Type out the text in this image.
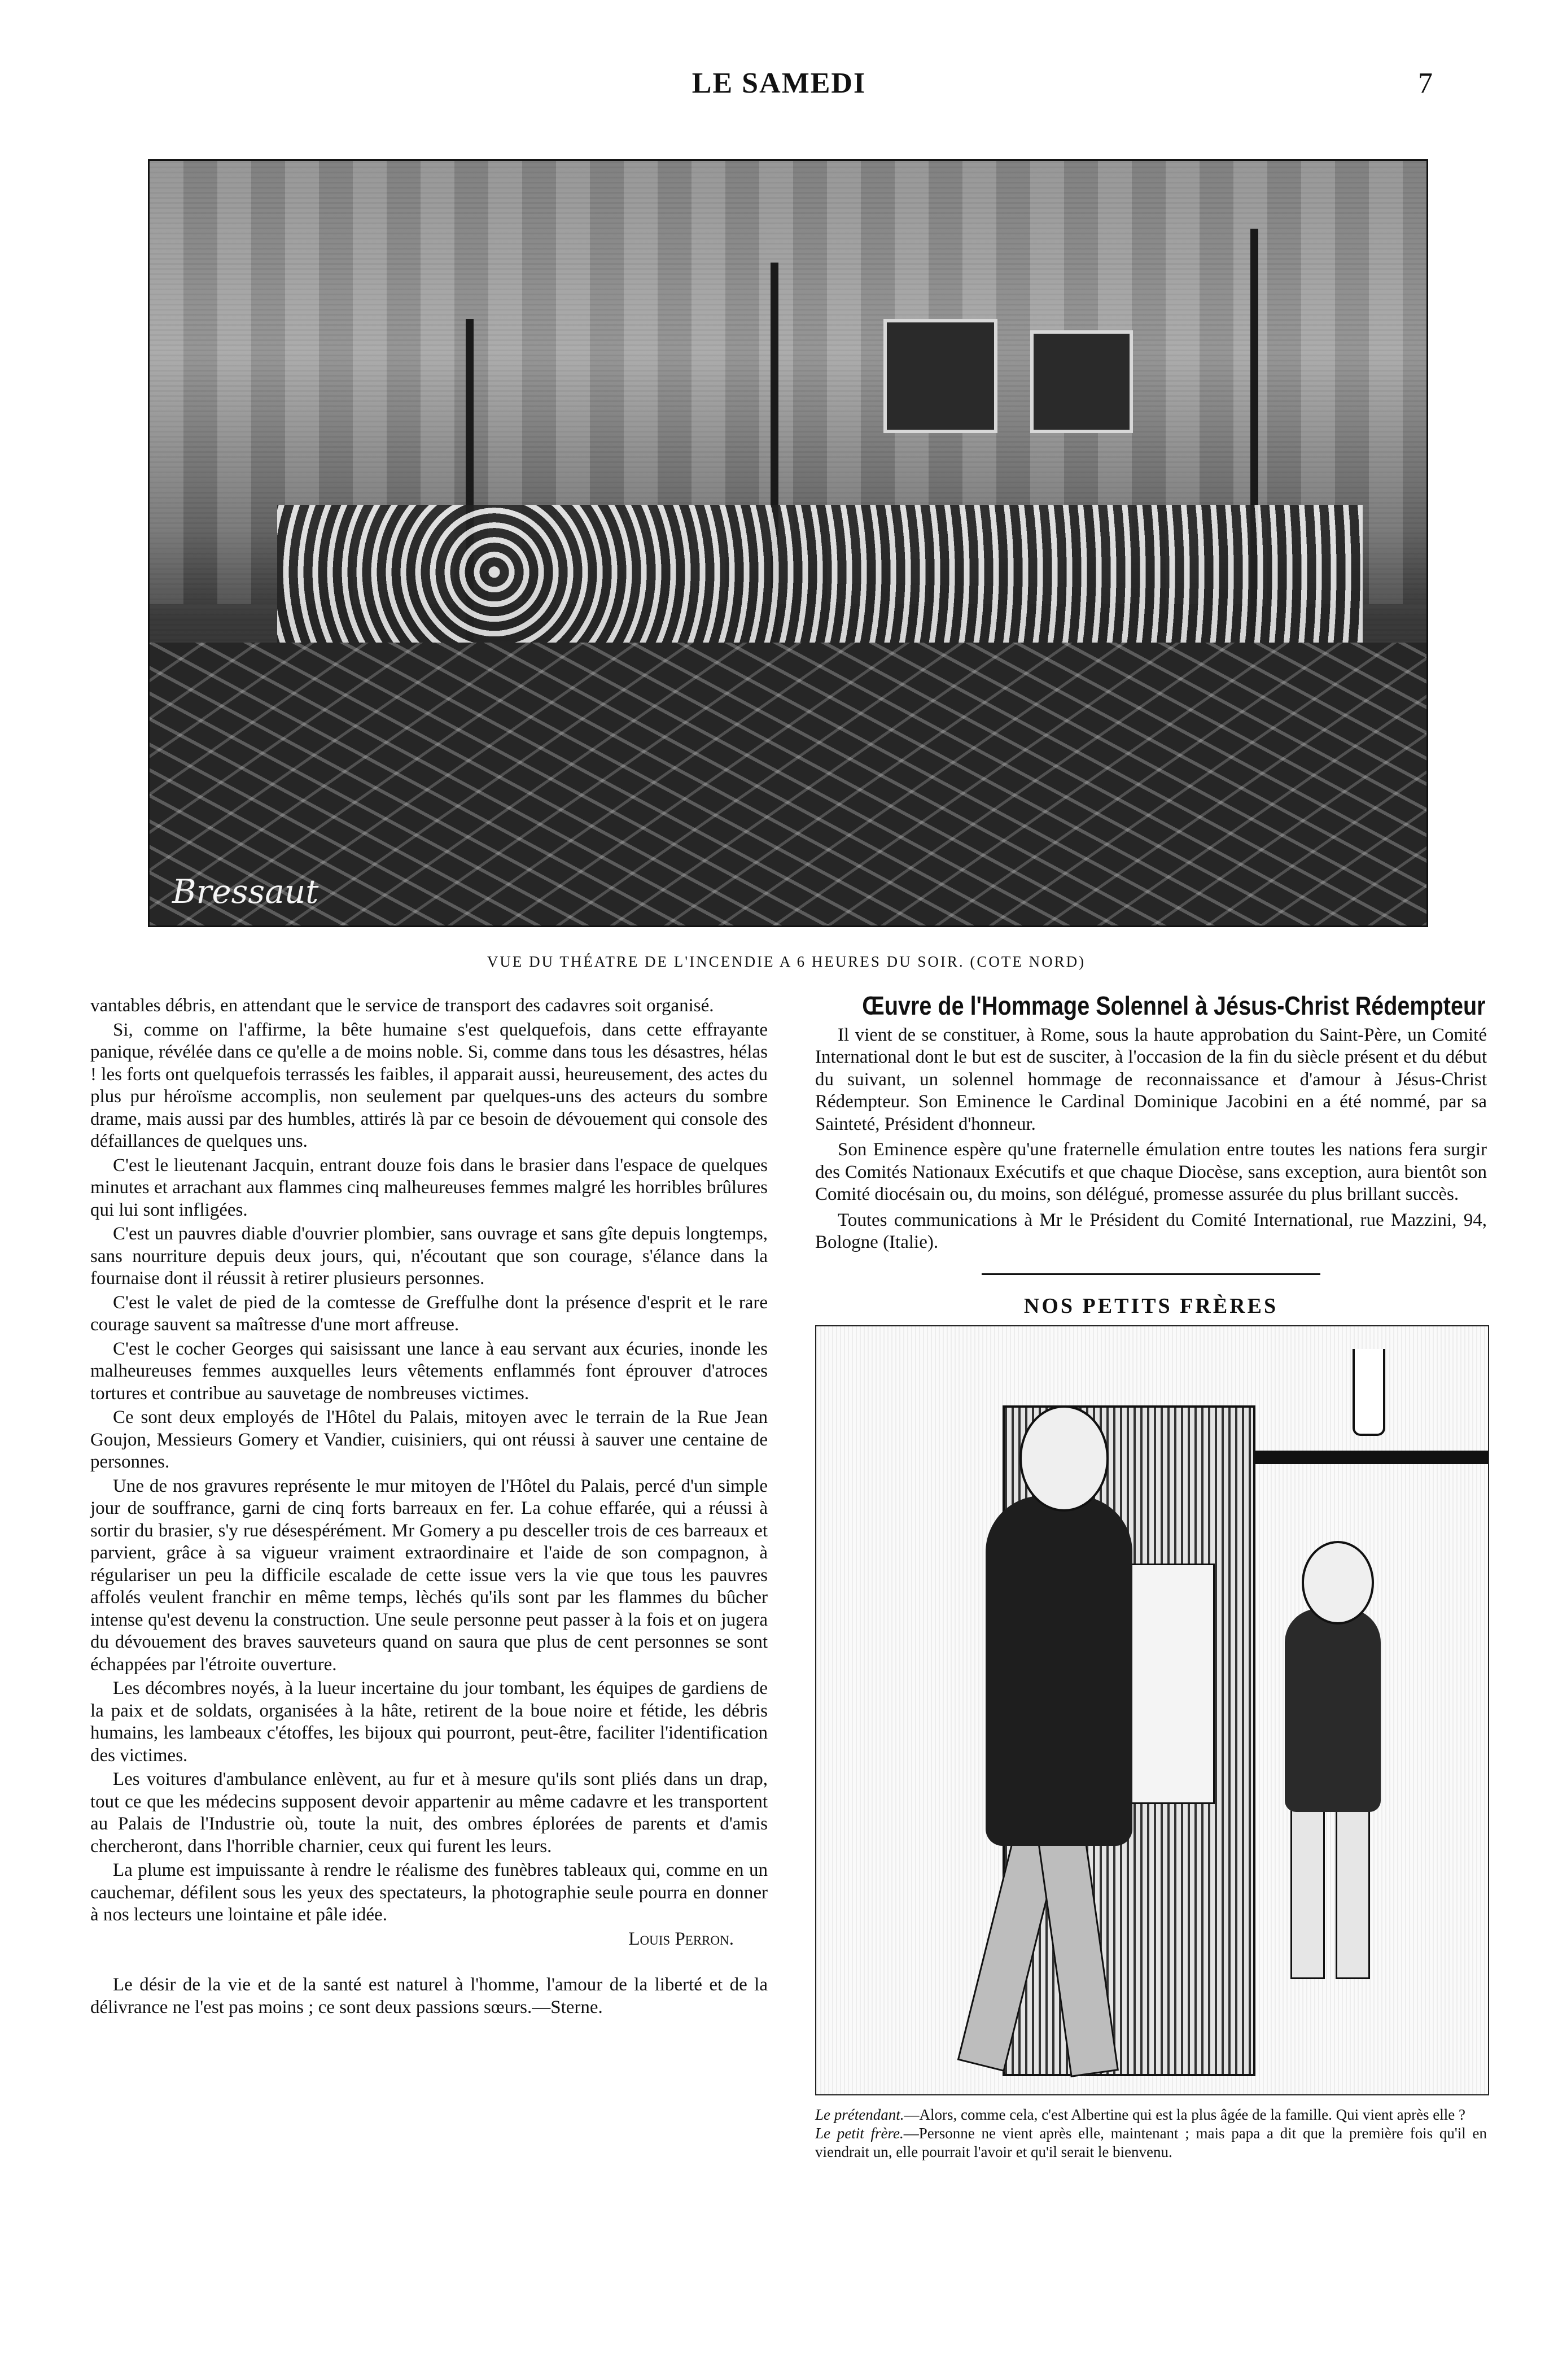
LE SAMEDI	7
Bressaut

VUE DU THÉATRE DE L'INCENDIE A 6 HEURES DU SOIR. (COTE NORD)

vantables débris, en attendant que le service de transport des cadavres soit organisé.

Si, comme on l'affirme, la bête humaine s'est quelquefois, dans cette effrayante panique, révélée dans ce qu'elle a de moins noble. Si, comme dans tous les désastres, hélas ! les forts ont quelquefois terrassés les faibles, il apparait aussi, heureusement, des actes du plus pur héroïsme accomplis, non seulement par quelques-uns des acteurs du sombre drame, mais aussi par des humbles, attirés là par ce besoin de dévouement qui console des défaillances de quelques uns.

C'est le lieutenant Jacquin, entrant douze fois dans le brasier dans l'espace de quelques minutes et arrachant aux flammes cinq malheureuses femmes malgré les horribles brûlures qui lui sont infligées.

C'est un pauvres diable d'ouvrier plombier, sans ouvrage et sans gîte depuis longtemps, sans nourriture depuis deux jours, qui, n'écoutant que son courage, s'élance dans la fournaise dont il réussit à retirer plusieurs personnes.

C'est le valet de pied de la comtesse de Greffulhe dont la présence d'esprit et le rare courage sauvent sa maîtresse d'une mort affreuse.

C'est le cocher Georges qui saisissant une lance à eau servant aux écuries, inonde les malheureuses femmes auxquelles leurs vêtements enflammés font éprouver d'atroces tortures et contribue au sauvetage de nombreuses victimes.

Ce sont deux employés de l'Hôtel du Palais, mitoyen avec le terrain de la Rue Jean Goujon, Messieurs Gomery et Vandier, cuisiniers, qui ont réussi à sauver une centaine de personnes.

Une de nos gravures représente le mur mitoyen de l'Hôtel du Palais, percé d'un simple jour de souffrance, garni de cinq forts barreaux en fer. La cohue effarée, qui a réussi à sortir du brasier, s'y rue désespérément. Mr Gomery a pu desceller trois de ces barreaux et parvient, grâce à sa vigueur vraiment extraordinaire et l'aide de son compagnon, à régulariser un peu la difficile escalade de cette issue vers la vie que tous les pauvres affolés veulent franchir en même temps, lèchés qu'ils sont par les flammes du bûcher intense qu'est devenu la construction. Une seule personne peut passer à la fois et on jugera du dévouement des braves sauveteurs quand on saura que plus de cent personnes se sont échappées par l'étroite ouverture.

Les décombres noyés, à la lueur incertaine du jour tombant, les équipes de gardiens de la paix et de soldats, organisées à la hâte, retirent de la boue noire et fétide, les débris humains, les lambeaux c'étoffes, les bijoux qui pourront, peut-être, faciliter l'identification des victimes.

Les voitures d'ambulance enlèvent, au fur et à mesure qu'ils sont pliés dans un drap, tout ce que les médecins supposent devoir appartenir au même cadavre et les transportent au Palais de l'Industrie où, toute la nuit, des ombres éplorées de parents et d'amis chercheront, dans l'horrible charnier, ceux qui furent les leurs.

La plume est impuissante à rendre le réalisme des funèbres tableaux qui, comme en un cauchemar, défilent sous les yeux des spectateurs, la photographie seule pourra en donner à nos lecteurs une lointaine et pâle idée.

Louis Perron.

Le désir de la vie et de la santé est naturel à l'homme, l'amour de la liberté et de la délivrance ne l'est pas moins ; ce sont deux passions sœurs.—Sterne.

Œuvre de l'Hommage Solennel à Jésus-Christ Rédempteur

Il vient de se constituer, à Rome, sous la haute approbation du Saint-Père, un Comité International dont le but est de susciter, à l'occasion de la fin du siècle présent et du début du suivant, un solennel hommage de reconnaissance et d'amour à Jésus-Christ Rédempteur. Son Eminence le Cardinal Dominique Jacobini en a été nommé, par sa Sainteté, Président d'honneur.

Son Eminence espère qu'une fraternelle émulation entre toutes les nations fera surgir des Comités Nationaux Exécutifs et que chaque Diocèse, sans exception, aura bientôt son Comité diocésain ou, du moins, son délégué, promesse assurée du plus brillant succès.

Toutes communications à Mr le Président du Comité International, rue Mazzini, 94, Bologne (Italie).

NOS PETITS FRÈRES

Le prétendant.—Alors, comme cela, c'est Albertine qui est la plus âgée de la famille. Qui vient après elle ?

Le petit frère.—Personne ne vient après elle, maintenant ; mais papa a dit que la première fois qu'il en viendrait un, elle pourrait l'avoir et qu'il serait le bienvenu.
